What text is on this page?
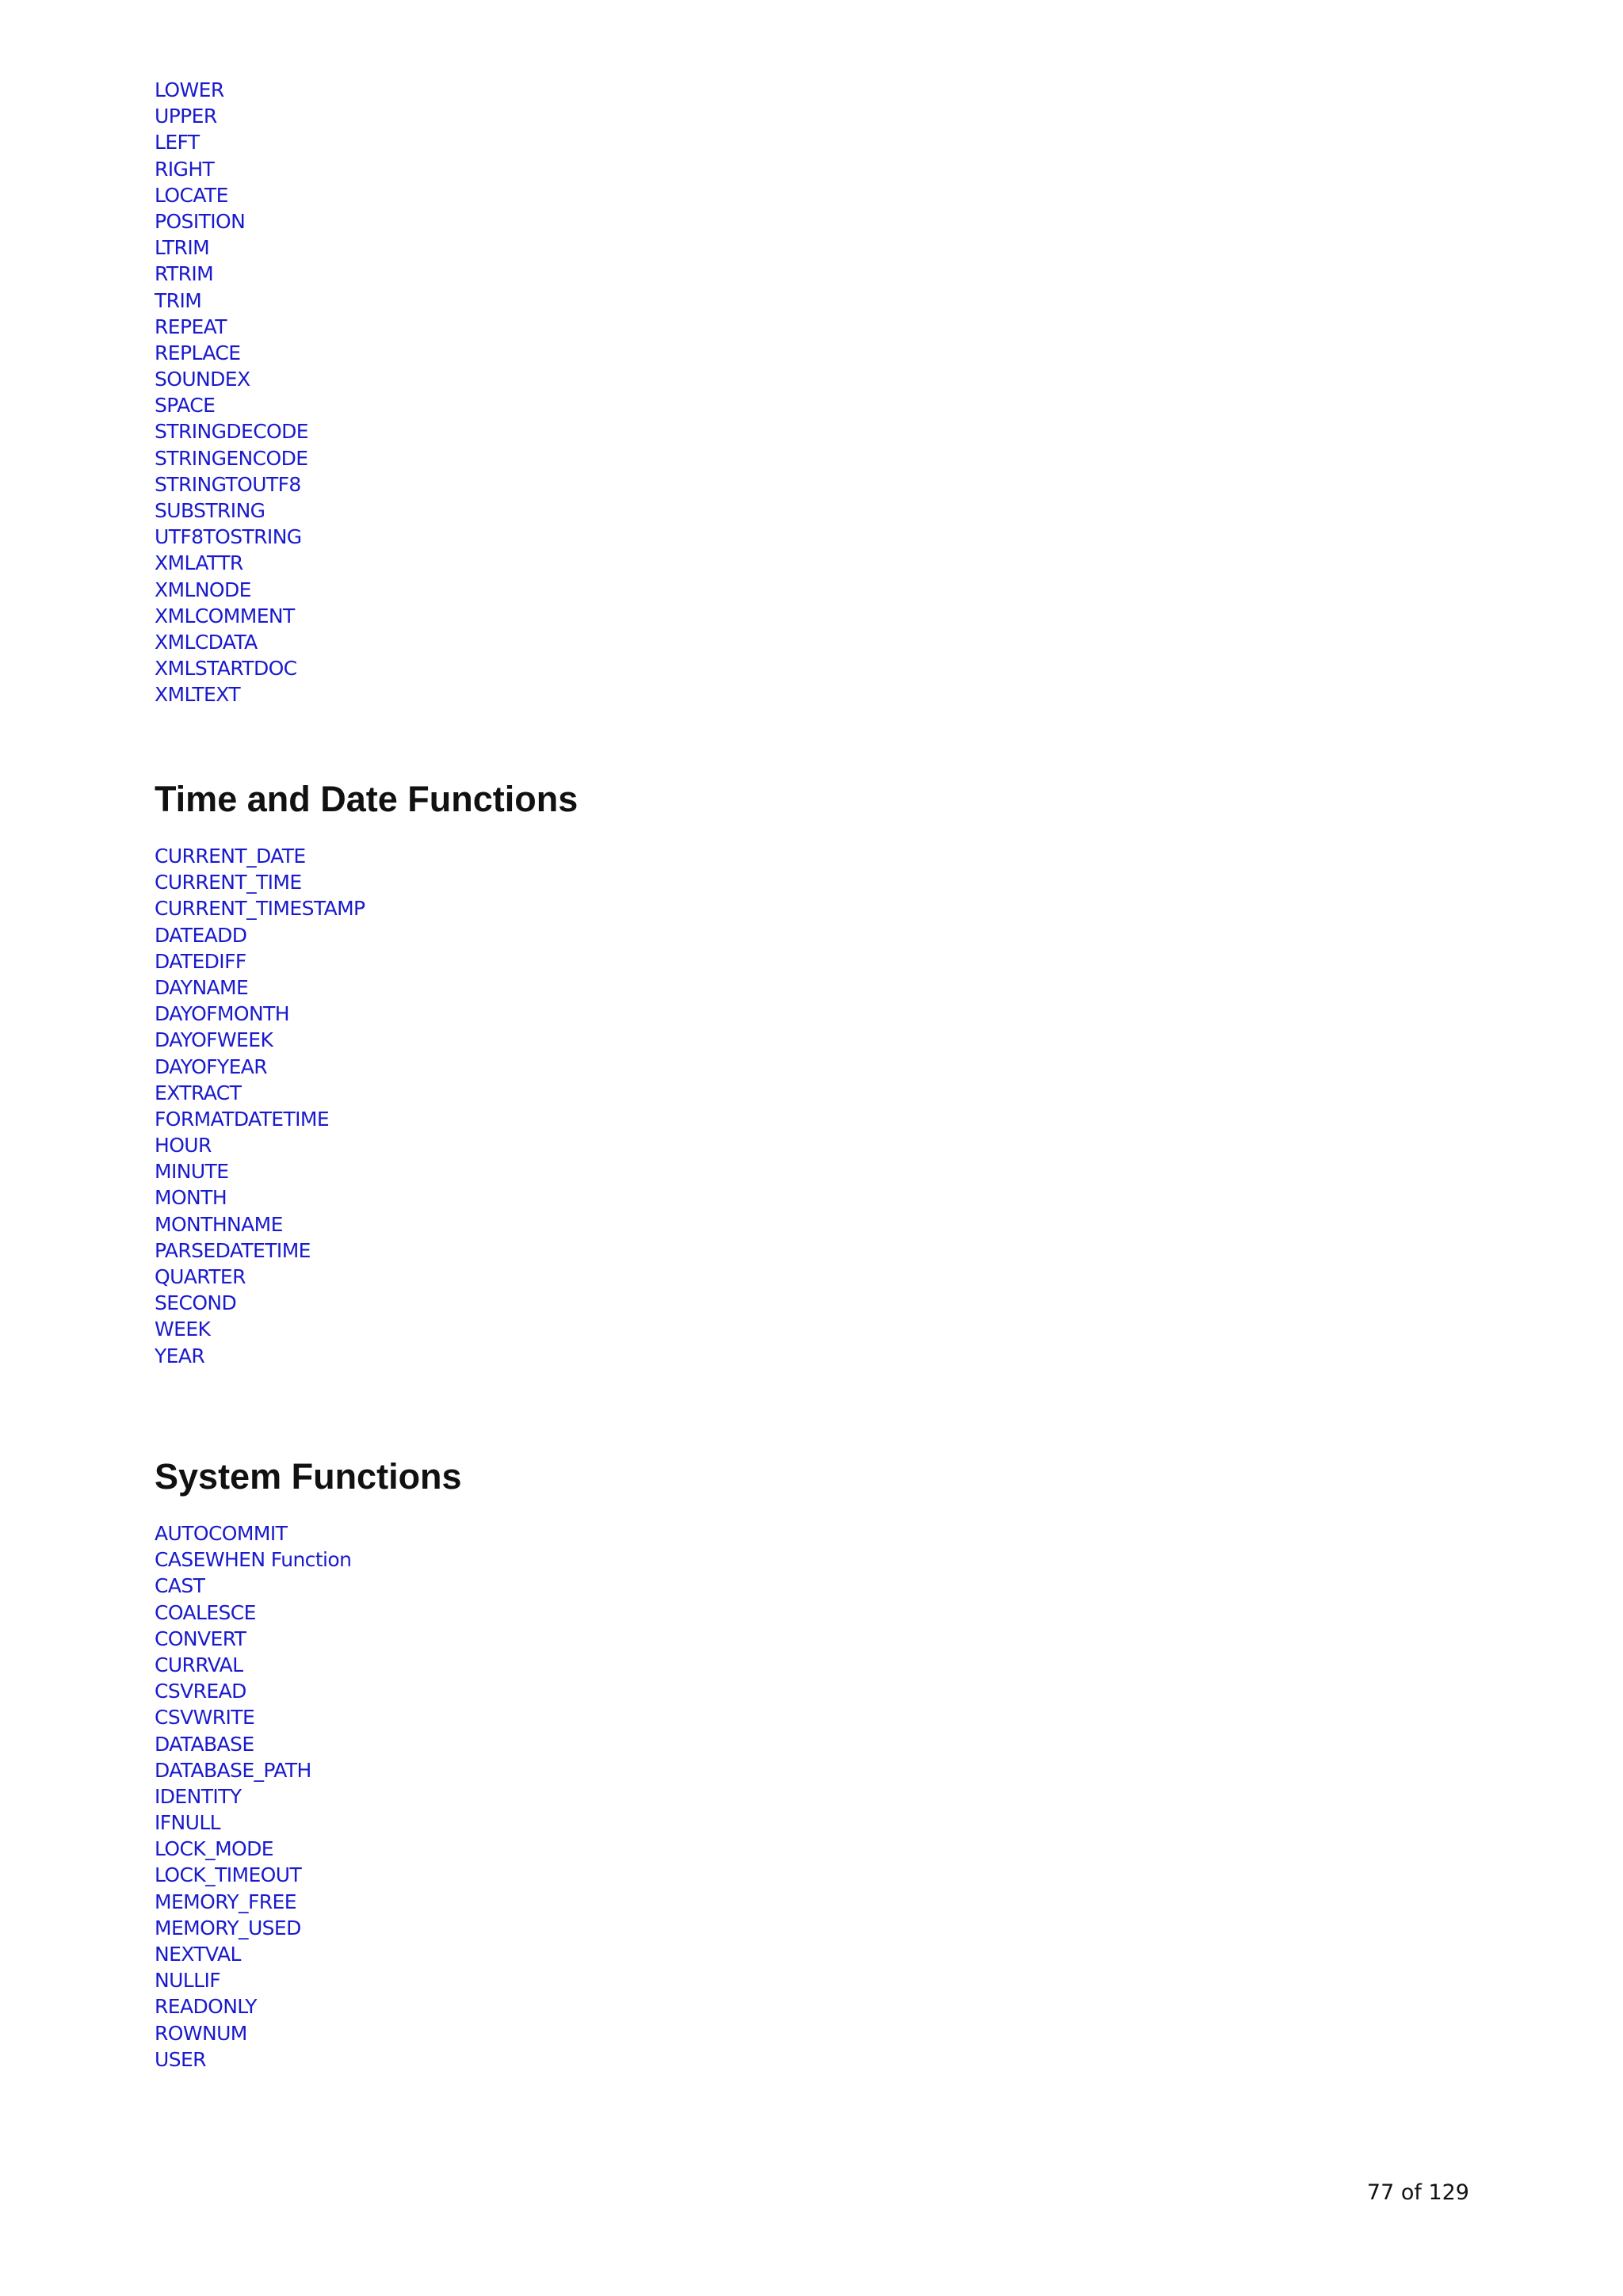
LOWER
UPPER
LEFT
RIGHT
LOCATE
POSITION
LTRIM
RTRIM
TRIM
REPEAT
REPLACE
SOUNDEX
SPACE
STRINGDECODE
STRINGENCODE
STRINGTOUTF8
SUBSTRING
UTF8TOSTRING
XMLATTR
XMLNODE
XMLCOMMENT
XMLCDATA
XMLSTARTDOC
XMLTEXT
Time and Date Functions
CURRENT_DATE
CURRENT_TIME
CURRENT_TIMESTAMP
DATEADD
DATEDIFF
DAYNAME
DAYOFMONTH
DAYOFWEEK
DAYOFYEAR
EXTRACT
FORMATDATETIME
HOUR
MINUTE
MONTH
MONTHNAME
PARSEDATETIME
QUARTER
SECOND
WEEK
YEAR
System Functions
AUTOCOMMIT
CASEWHEN Function
CAST
COALESCE
CONVERT
CURRVAL
CSVREAD
CSVWRITE
DATABASE
DATABASE_PATH
IDENTITY
IFNULL
LOCK_MODE
LOCK_TIMEOUT
MEMORY_FREE
MEMORY_USED
NEXTVAL
NULLIF
READONLY
ROWNUM
USER
77 of 129
